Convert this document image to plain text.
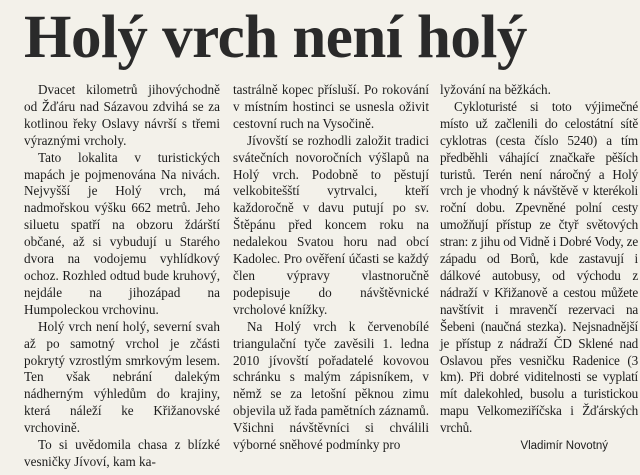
Holý vrch není holý

Dvacet kilometrů jihovýchodně od Žďáru nad Sázavou zdvihá se za kotlinou řeky Oslavy návrší s třemi výraznými vrcholy.

Tato lokalita v turistických mapách je pojmenována Na nivách. Nejvyšší je Holý vrch, má nadmořskou výšku 662 metrů. Jeho siluetu spatří na obzoru ždárští občané, až si vybudují u Starého dvora na vodojemu vyhlídkový ochoz. Rozhled odtud bude kruhový, nejdále na jihozápad na Humpoleckou vrchovinu.

Holý vrch není holý, severní svah až po samotný vrchol je zčásti pokrytý vzrostlým smrkovým lesem. Ten však nebrání dalekým nádherným výhledům do krajiny, která náleží ke Křižanovské vrchovině.

To si uvědomila chasa z blízké vesničky Jívoví, kam ka-

tastrálně kopec přísluší. Po rokování v místním hostinci se usnesla oživit cestovní ruch na Vysočině.

Jívovští se rozhodli založit tradici svátečních novoročních výšlapů na Holý vrch. Podobně to pěstují velkobitešští vytrvalci, kteří každoročně v davu putují po sv. Štěpánu před koncem roku na nedalekou Svatou horu nad obcí Kadolec. Pro ověření účasti se každý člen výpravy vlastnoručně podepisuje do návštěvnické vrcholové knížky.

Na Holý vrch k červenobílé triangulační tyče zavěsili 1. ledna 2010 jívovští pořadatelé kovovou schránku s malým zápisníkem, v němž se za letošní pěknou zimu objevila už řada pamětních záznamů. Všichni návštěvníci si chválili výborné sněhové podmínky pro

lyžování na běžkách.

Cykloturisté si toto výjimečné místo už začlenili do celostátní sítě cyklotras (cesta číslo 5240) a tím předběhli váhající značkaře pěších turistů. Terén není náročný a Holý vrch je vhodný k návštěvě v kterékoli roční dobu. Zpevněné polní cesty umožňují přístup ze čtyř světových stran: z jihu od Vidně i Dobré Vody, ze západu od Borů, kde zastavují i dálkové autobusy, od východu z nádraží v Křižanově a cestou můžete navštívit i mravenčí rezervaci na Šebeni (naučná stezka). Nejsnadnější je přístup z nádraží ČD Sklené nad Oslavou přes vesničku Radenice (3 km). Při dobré viditelnosti se vyplatí mít dalekohled, busolu a turistickou mapu Velkomeziříčska i Žďárských vrchů.

Vladimír Novotný
